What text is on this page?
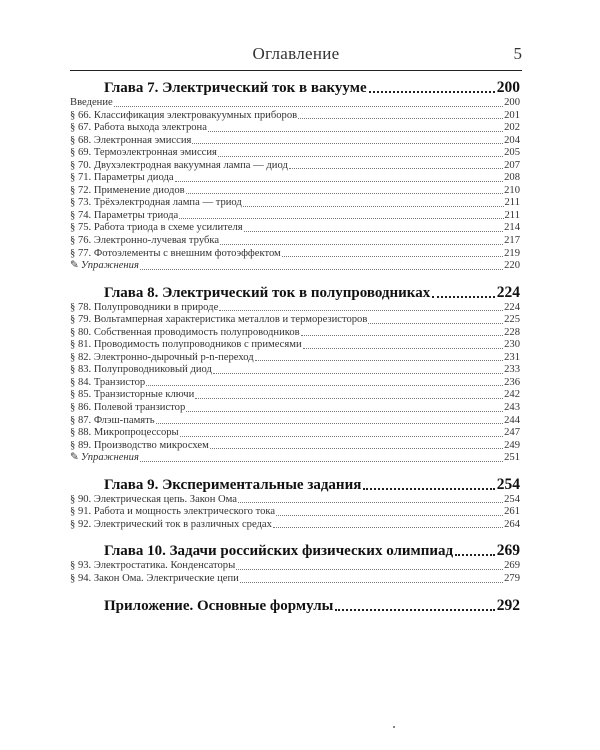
Оглавление	5
Глава 7. Электрический ток в вакууме	200
Введение	200
§ 66. Классификация электровакуумных приборов	201
§ 67. Работа выхода электрона	202
§ 68. Электронная эмиссия	204
§ 69. Термоэлектронная эмиссия	205
§ 70. Двухэлектродная вакуумная лампа — диод	207
§ 71. Параметры диода	208
§ 72. Применение диодов	210
§ 73. Трёхэлектродная лампа — триод	211
§ 74. Параметры триода	211
§ 75. Работа триода в схеме усилителя	214
§ 76. Электронно-лучевая трубка	217
§ 77. Фотоэлементы с внешним фотоэффектом	219
✎ Упражнения	220
Глава 8. Электрический ток в полупроводниках	224
§ 78. Полупроводники в природе	224
§ 79. Вольтамперная характеристика металлов и терморезисторов	225
§ 80. Собственная проводимость полупроводников	228
§ 81. Проводимость полупроводников с примесями	230
§ 82. Электронно-дырочный p-n-переход	231
§ 83. Полупроводниковый диод	233
§ 84. Транзистор	236
§ 85. Транзисторные ключи	242
§ 86. Полевой транзистор	243
§ 87. Флэш-память	244
§ 88. Микропроцессоры	247
§ 89. Производство микросхем	249
✎ Упражнения	251
Глава 9. Экспериментальные задания	254
§ 90. Электрическая цепь. Закон Ома	254
§ 91. Работа и мощность электрического тока	261
§ 92. Электрический ток в различных средах	264
Глава 10. Задачи российских физических олимпиад	269
§ 93. Электростатика. Конденсаторы	269
§ 94. Закон Ома. Электрические цепи	279
Приложение. Основные формулы	292
